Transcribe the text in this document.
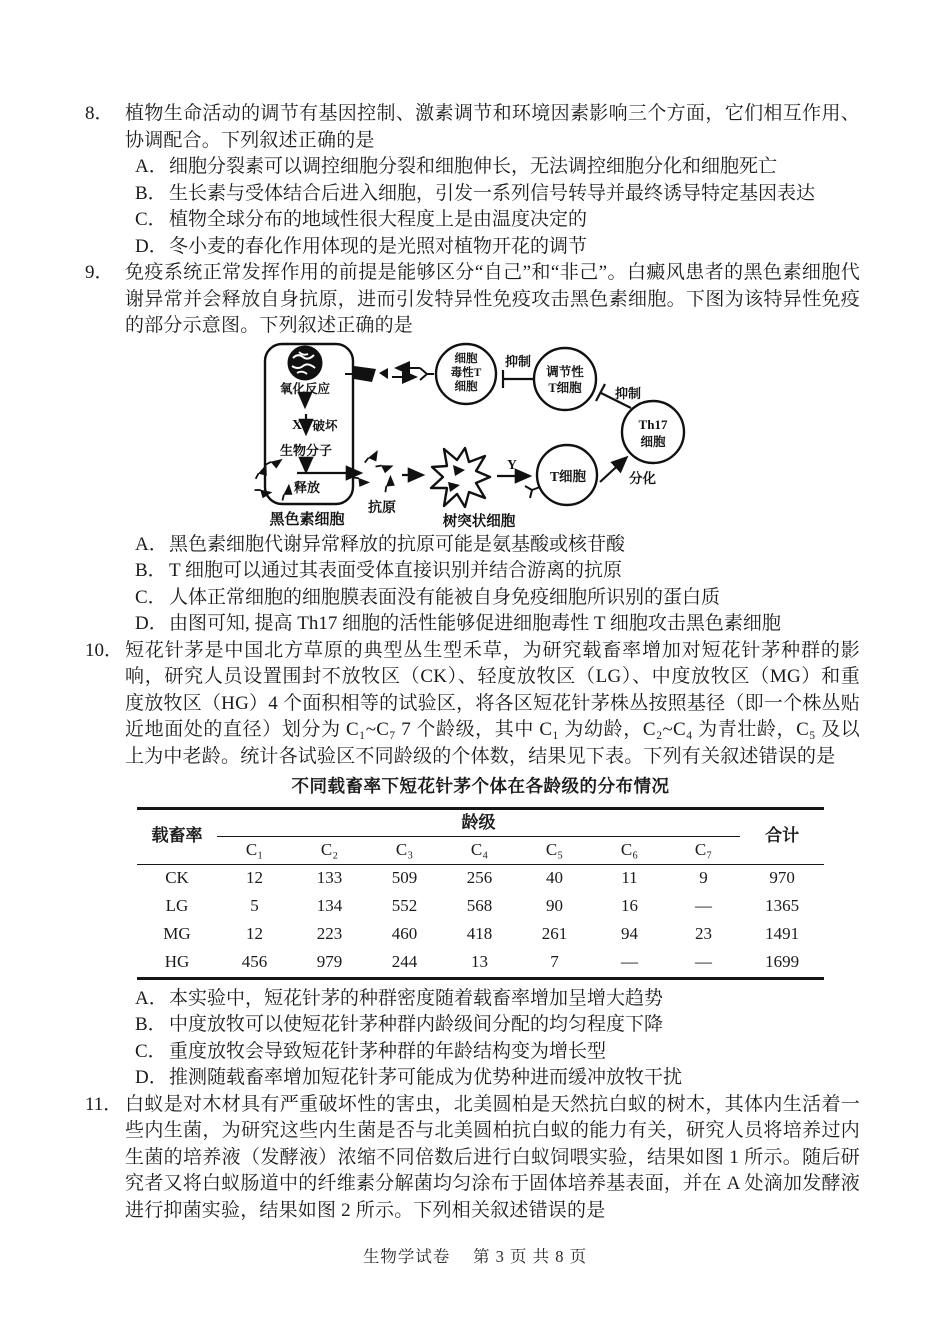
8． 植物生命活动的调节有基因控制、激素调节和环境因素影响三个方面，它们相互作用、协调配合。下列叙述正确的是

A． 细胞分裂素可以调控细胞分裂和细胞伸长，无法调控细胞分化和细胞死亡
B． 生长素与受体结合后进入细胞，引发一系列信号转导并最终诱导特定基因表达
C． 植物全球分布的地域性很大程度上是由温度决定的
D． 冬小麦的春化作用体现的是光照对植物开花的调节
9． 免疫系统正常发挥作用的前提是能够区分“自己”和“非己”。白癜风患者的黑色素细胞代谢异常并会释放自身抗原，进而引发特异性免疫攻击黑色素细胞。下图为该特异性免疫的部分示意图。下列叙述正确的是

氧化反应
X 破坏
生物分子
释放
黑色素细胞
细胞
毒性T
细胞
抑制
调节性
T细胞	抑制
Th17
细胞
抗原
树突状细胞
Y
T细胞	分化
A． 黑色素细胞代谢异常释放的抗原可能是氨基酸或核苷酸
B． T 细胞可以通过其表面受体直接识别并结合游离的抗原
C． 人体正常细胞的细胞膜表面没有能被自身免疫细胞所识别的蛋白质
D． 由图可知, 提高 Th17 细胞的活性能够促进细胞毒性 T 细胞攻击黑色素细胞
10． 短花针茅是中国北方草原的典型丛生型禾草，为研究载畜率增加对短花针茅种群的影响，研究人员设置围封不放牧区（CK）、轻度放牧区（LG）、中度放牧区（MG）和重度放牧区（HG）4 个面积相等的试验区，将各区短花针茅株丛按照基径（即一个株丛贴近地面处的直径）划分为 C₁~C₇ 7 个龄级，其中 C₁ 为幼龄，C₂~C₄ 为青壮龄，C₅ 及以上为中老龄。统计各试验区不同龄级的个体数，结果见下表。下列有关叙述错误的是

不同载畜率下短花针茅个体在各龄级的分布情况
载畜率	龄级							合计
	C₁	C₂	C₃	C₄	C₅	C₆	C₇	
CK	12	133	509	256	40	11	9	970
LG	5	134	552	568	90	16	—	1365
MG	12	223	460	418	261	94	23	1491
HG	456	979	244	13	7	—	—	1699
A． 本实验中，短花针茅的种群密度随着载畜率增加呈增大趋势
B． 中度放牧可以使短花针茅种群内龄级间分配的均匀程度下降
C． 重度放牧会导致短花针茅种群的年龄结构变为增长型
D． 推测随载畜率增加短花针茅可能成为优势种进而缓冲放牧干扰
11． 白蚁是对木材具有严重破坏性的害虫，北美圆柏是天然抗白蚁的树木，其体内生活着一些内生菌，为研究这些内生菌是否与北美圆柏抗白蚁的能力有关，研究人员将培养过内生菌的培养液（发酵液）浓缩不同倍数后进行白蚁饲喂实验，结果如图 1 所示。随后研究者又将白蚁肠道中的纤维素分解菌均匀涂布于固体培养基表面，并在 A 处滴加发酵液进行抑菌实验，结果如图 2 所示。下列相关叙述错误的是

生物学试卷　 第 3 页 共 8 页
